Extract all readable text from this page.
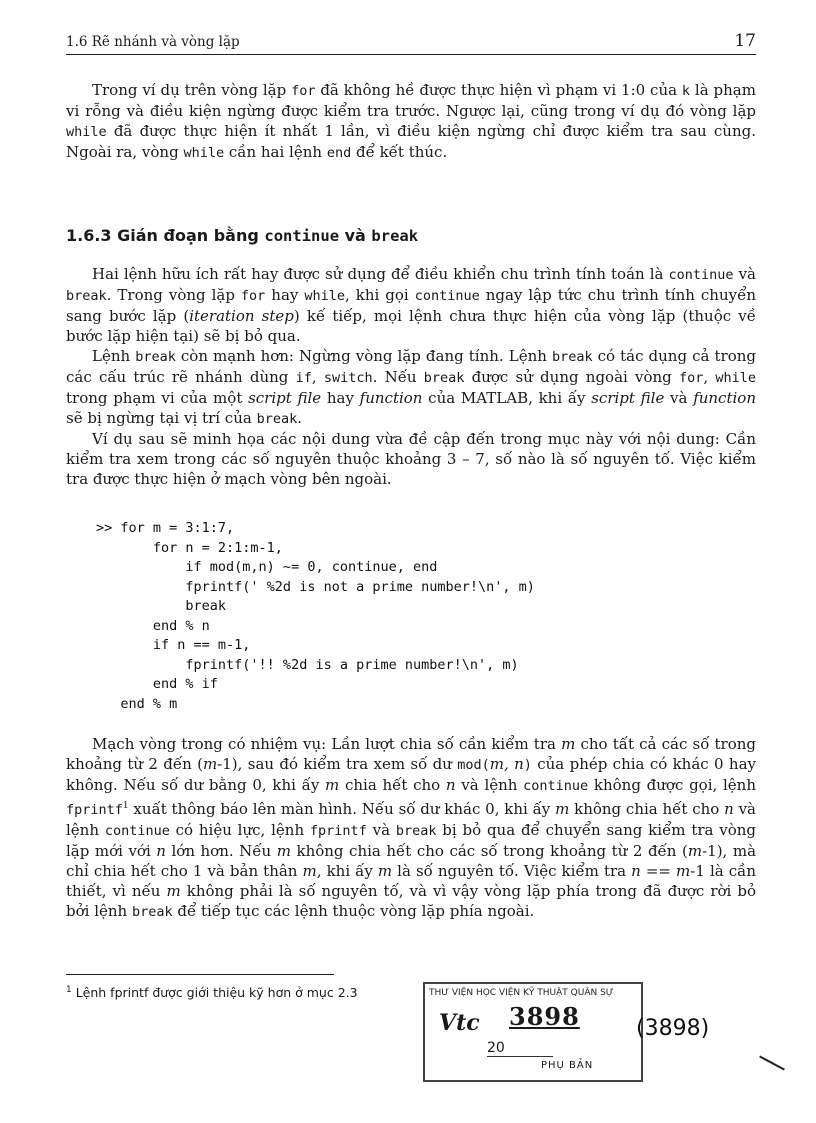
1.6 Rẽ nhánh và vòng lặp	17

Trong ví dụ trên vòng lặp for đã không hề được thực hiện vì phạm vi 1:0 của k là phạm vi rỗng và điều kiện ngừng được kiểm tra trước. Ngược lại, cũng trong ví dụ đó vòng lặp while đã được thực hiện ít nhất 1 lần, vì điều kiện ngừng chỉ được kiểm tra sau cùng. Ngoài ra, vòng while cần hai lệnh end để kết thúc.

1.6.3 Gián đoạn bằng continue và break

Hai lệnh hữu ích rất hay được sử dụng để điều khiển chu trình tính toán là continue và break. Trong vòng lặp for hay while, khi gọi continue ngay lập tức chu trình tính chuyển sang bước lặp (iteration step) kế tiếp, mọi lệnh chưa thực hiện của vòng lặp (thuộc về bước lặp hiện tại) sẽ bị bỏ qua.

Lệnh break còn mạnh hơn: Ngừng vòng lặp đang tính. Lệnh break có tác dụng cả trong các cấu trúc rẽ nhánh dùng if, switch. Nếu break được sử dụng ngoài vòng for, while trong phạm vi của một script file hay function của MATLAB, khi ấy script file và function sẽ bị ngừng tại vị trí của break.

Ví dụ sau sẽ minh họa các nội dung vừa đề cập đến trong mục này với nội dung: Cần kiểm tra xem trong các số nguyên thuộc khoảng 3 – 7, số nào là số nguyên tố. Việc kiểm tra được thực hiện ở mạch vòng bên ngoài.

>> for m = 3:1:7,
for n = 2:1:m-1,
if mod(m,n) ~= 0, continue, end
fprintf(' %2d is not a prime number!\n', m)
break
end % n
if n == m-1,
fprintf('!! %2d is a prime number!\n', m)
end % if
end % m

Mạch vòng trong có nhiệm vụ: Lần lượt chia số cần kiểm tra m cho tất cả các số trong khoảng từ 2 đến (m-1), sau đó kiểm tra xem số dư mod(m, n) của phép chia có khác 0 hay không. Nếu số dư bằng 0, khi ấy m chia hết cho n và lệnh continue không được gọi, lệnh fprintf$^1$ xuất thông báo lên màn hình. Nếu số dư khác 0, khi ấy m không chia hết cho n và lệnh continue có hiệu lực, lệnh fprintf và break bị bỏ qua để chuyển sang kiểm tra vòng lặp mới với n lớn hơn. Nếu m không chia hết cho các số trong khoảng từ 2 đến (m-1), mà chỉ chia hết cho 1 và bản thân m, khi ấy m là số nguyên tố. Việc kiểm tra n == m-1 là cần thiết, vì nếu m không phải là số nguyên tố, và vì vậy vòng lặp phía trong đã được rời bỏ bởi lệnh break để tiếp tục các lệnh thuộc vòng lặp phía ngoài.

$^1$ Lệnh fprintf được giới thiệu kỹ hơn ở mục 2.3	THƯ VIỆN HỌC VIỆN KỸ THUẬT QUÂN SỰ
Vtc 3898
20
PHỤ BẢN
(3898)
